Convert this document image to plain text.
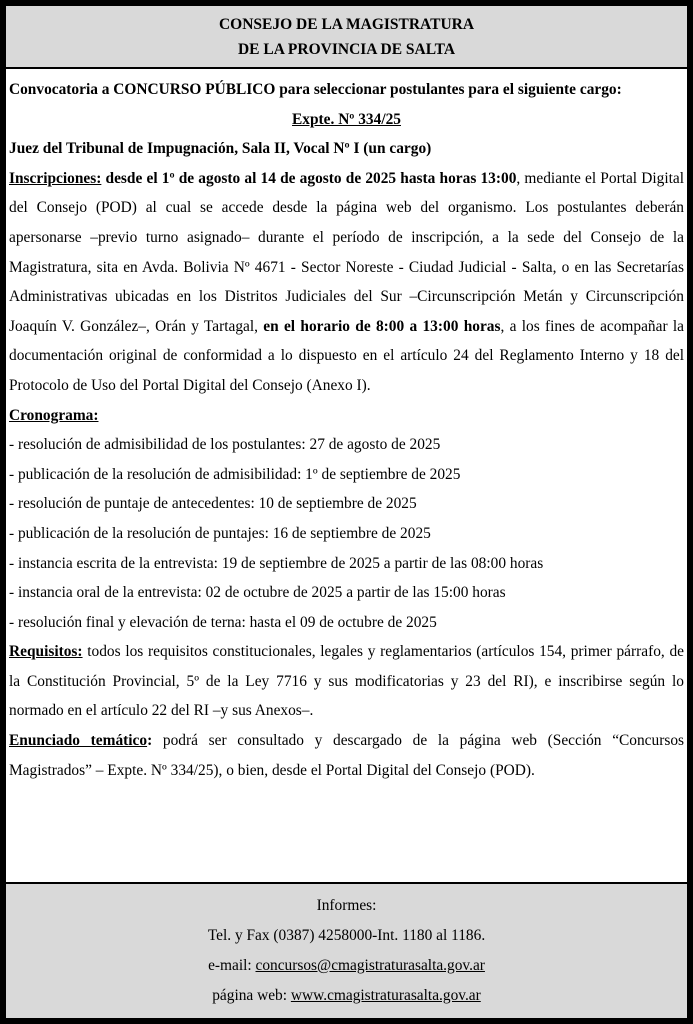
CONSEJO DE LA MAGISTRATURA
DE LA PROVINCIA DE SALTA

Convocatoria a CONCURSO PÚBLICO para seleccionar postulantes para el siguiente cargo:

Expte. Nº 334/25

Juez del Tribunal de Impugnación, Sala II, Vocal Nº I (un cargo)

Inscripciones: desde el 1º de agosto al 14 de agosto de 2025 hasta horas 13:00, mediante el Portal Digital del Consejo (POD) al cual se accede desde la página web del organismo. Los postulantes deberán apersonarse –previo turno asignado– durante el período de inscripción, a la sede del Consejo de la Magistratura, sita en Avda. Bolivia Nº 4671 - Sector Noreste - Ciudad Judicial - Salta, o en las Secretarías Administrativas ubicadas en los Distritos Judiciales del Sur –Circunscripción Metán y Circunscripción Joaquín V. González–, Orán y Tartagal, en el horario de 8:00 a 13:00 horas, a los fines de acompañar la documentación original de conformidad a lo dispuesto en el artículo 24 del Reglamento Interno y 18 del Protocolo de Uso del Portal Digital del Consejo (Anexo I).

Cronograma:

- resolución de admisibilidad de los postulantes: 27 de agosto de 2025

- publicación de la resolución de admisibilidad: 1º de septiembre de 2025

- resolución de puntaje de antecedentes: 10 de septiembre de 2025

- publicación de la resolución de puntajes: 16 de septiembre de 2025

- instancia escrita de la entrevista: 19 de septiembre de 2025 a partir de las 08:00 horas

- instancia oral de la entrevista: 02 de octubre de 2025 a partir de las 15:00 horas

- resolución final y elevación de terna: hasta el 09 de octubre de 2025

Requisitos: todos los requisitos constitucionales, legales y reglamentarios (artículos 154, primer párrafo, de la Constitución Provincial, 5º de la Ley 7716 y sus modificatorias y 23 del RI), e inscribirse según lo normado en el artículo 22 del RI –y sus Anexos–.

Enunciado temático: podrá ser consultado y descargado de la página web (Sección “Concursos Magistrados” – Expte. Nº 334/25), o bien, desde el Portal Digital del Consejo (POD).

Informes:
Tel. y Fax (0387) 4258000-Int. 1180 al 1186.
e-mail: concursos@cmagistraturasalta.gov.ar
página web: www.cmagistraturasalta.gov.ar
